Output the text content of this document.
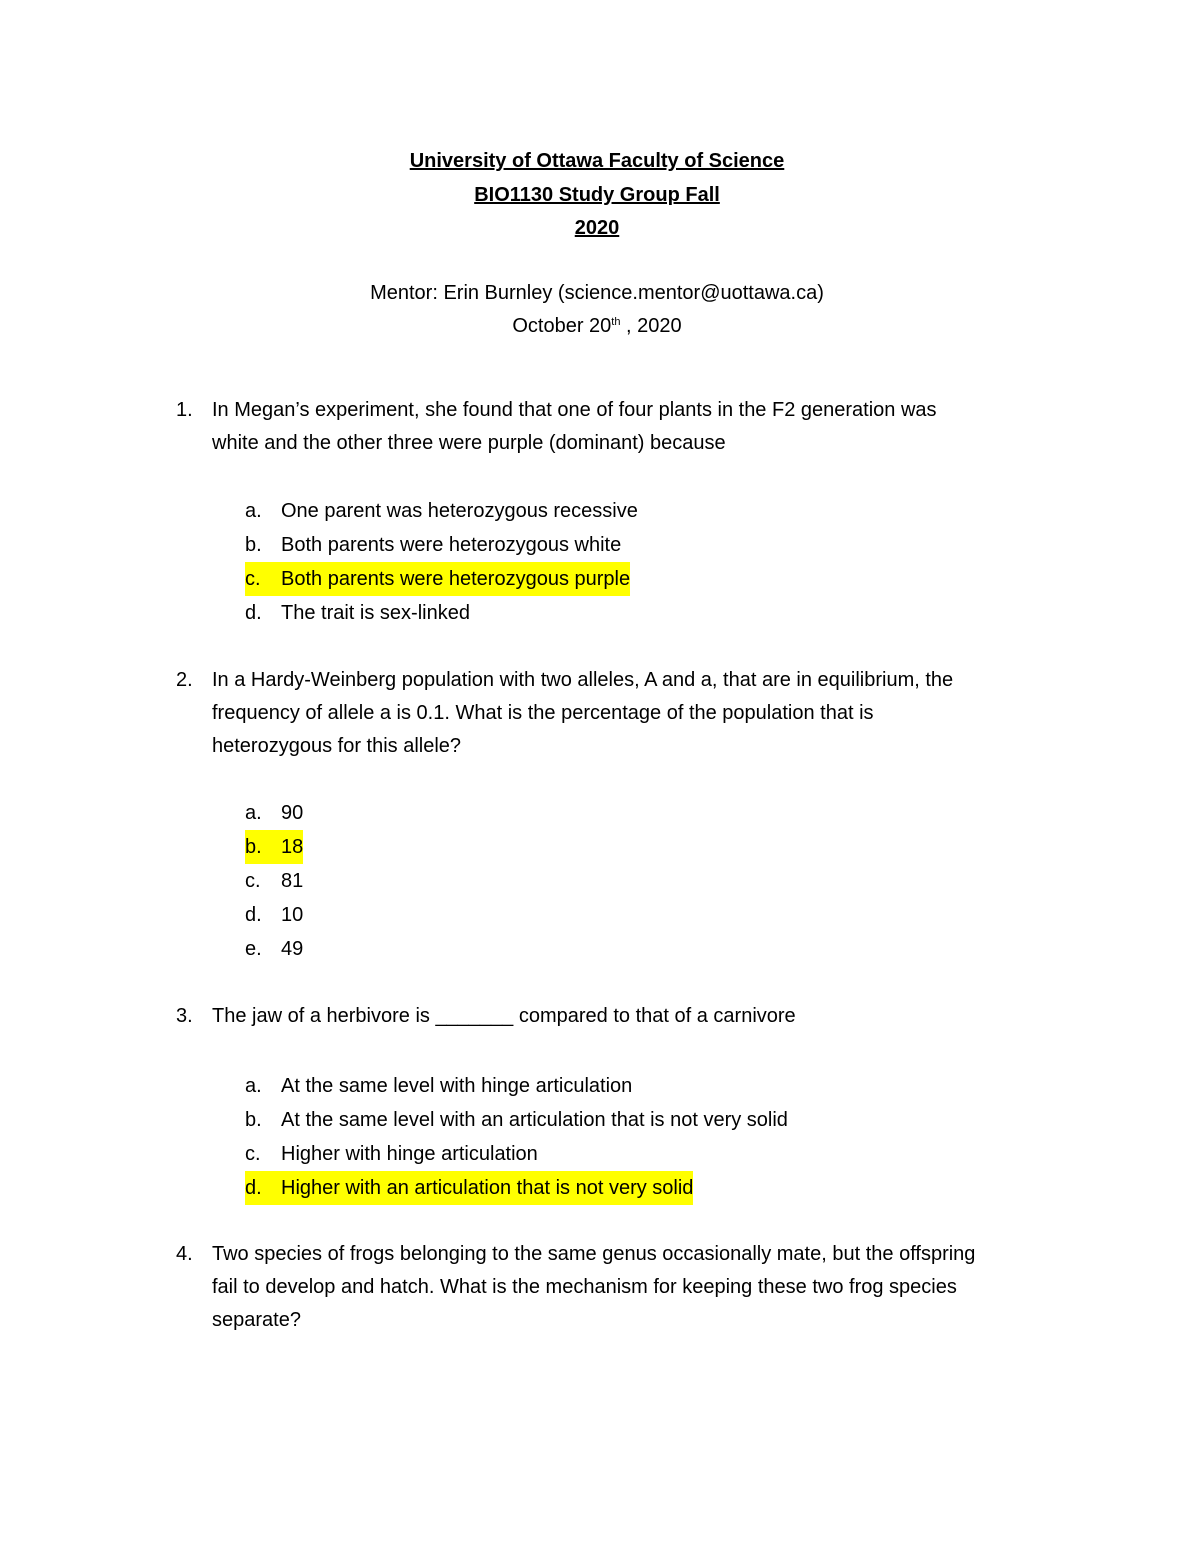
University of Ottawa Faculty of Science
BIO1130 Study Group Fall
2020
Mentor: Erin Burnley (science.mentor@uottawa.ca)
October 20th , 2020
1. In Megan’s experiment, she found that one of four plants in the F2 generation was
white and the other three were purple (dominant) because
a. One parent was heterozygous recessive
b. Both parents were heterozygous white
c. Both parents were heterozygous purple
d. The trait is sex-linked
2. In a Hardy-Weinberg population with two alleles, A and a, that are in equilibrium, the
frequency of allele a is 0.1. What is the percentage of the population that is
heterozygous for this allele?
a. 90
b. 18
c. 81
d. 10
e. 49
3. The jaw of a herbivore is _______ compared to that of a carnivore
a. At the same level with hinge articulation
b. At the same level with an articulation that is not very solid
c. Higher with hinge articulation
d. Higher with an articulation that is not very solid
4. Two species of frogs belonging to the same genus occasionally mate, but the offspring
fail to develop and hatch. What is the mechanism for keeping these two frog species
separate?
